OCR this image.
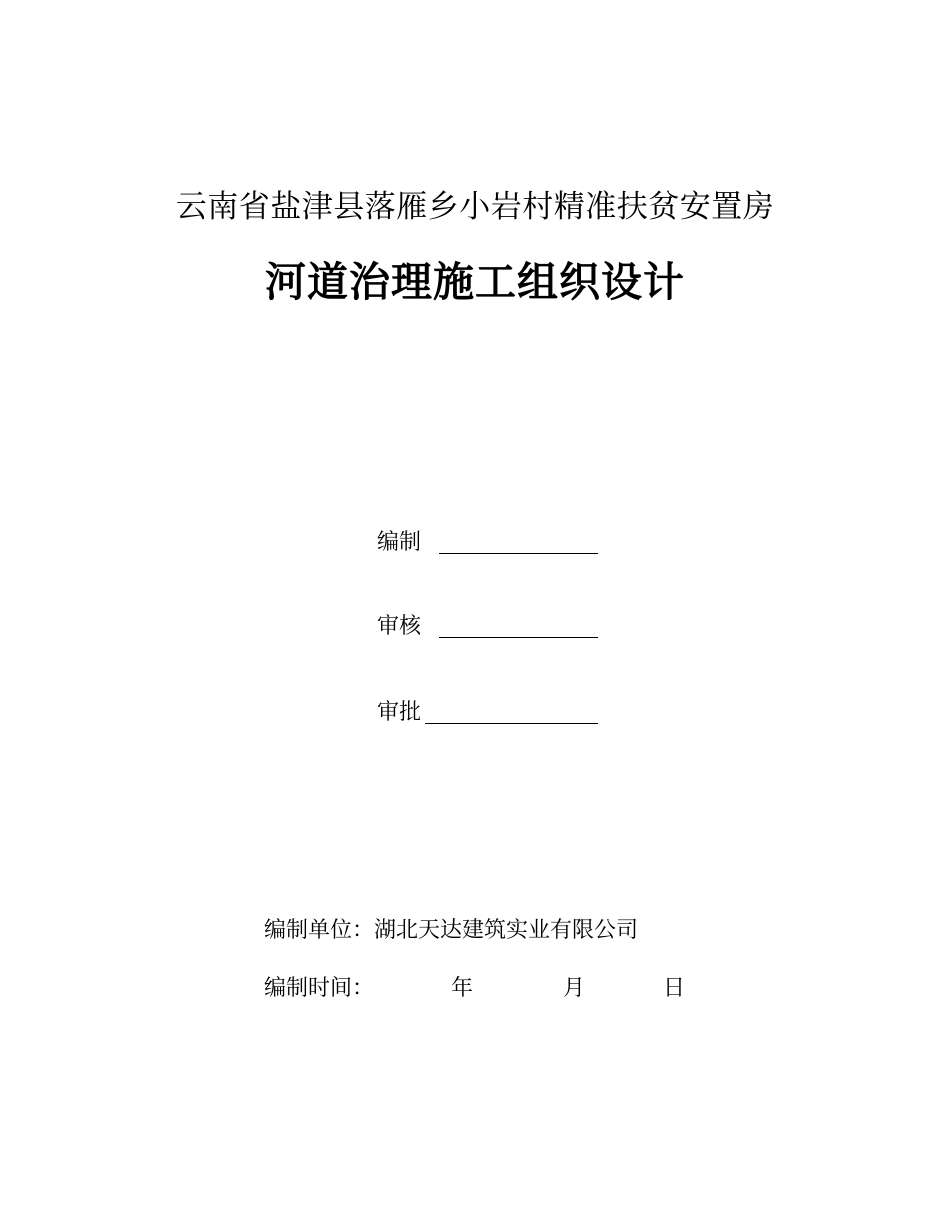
云南省盐津县落雁乡小岩村精准扶贫安置房
河道治理施工组织设计
编制
审核
审批
编制单位：湖北天达建筑实业有限公司
编制时间：	年	月	日
